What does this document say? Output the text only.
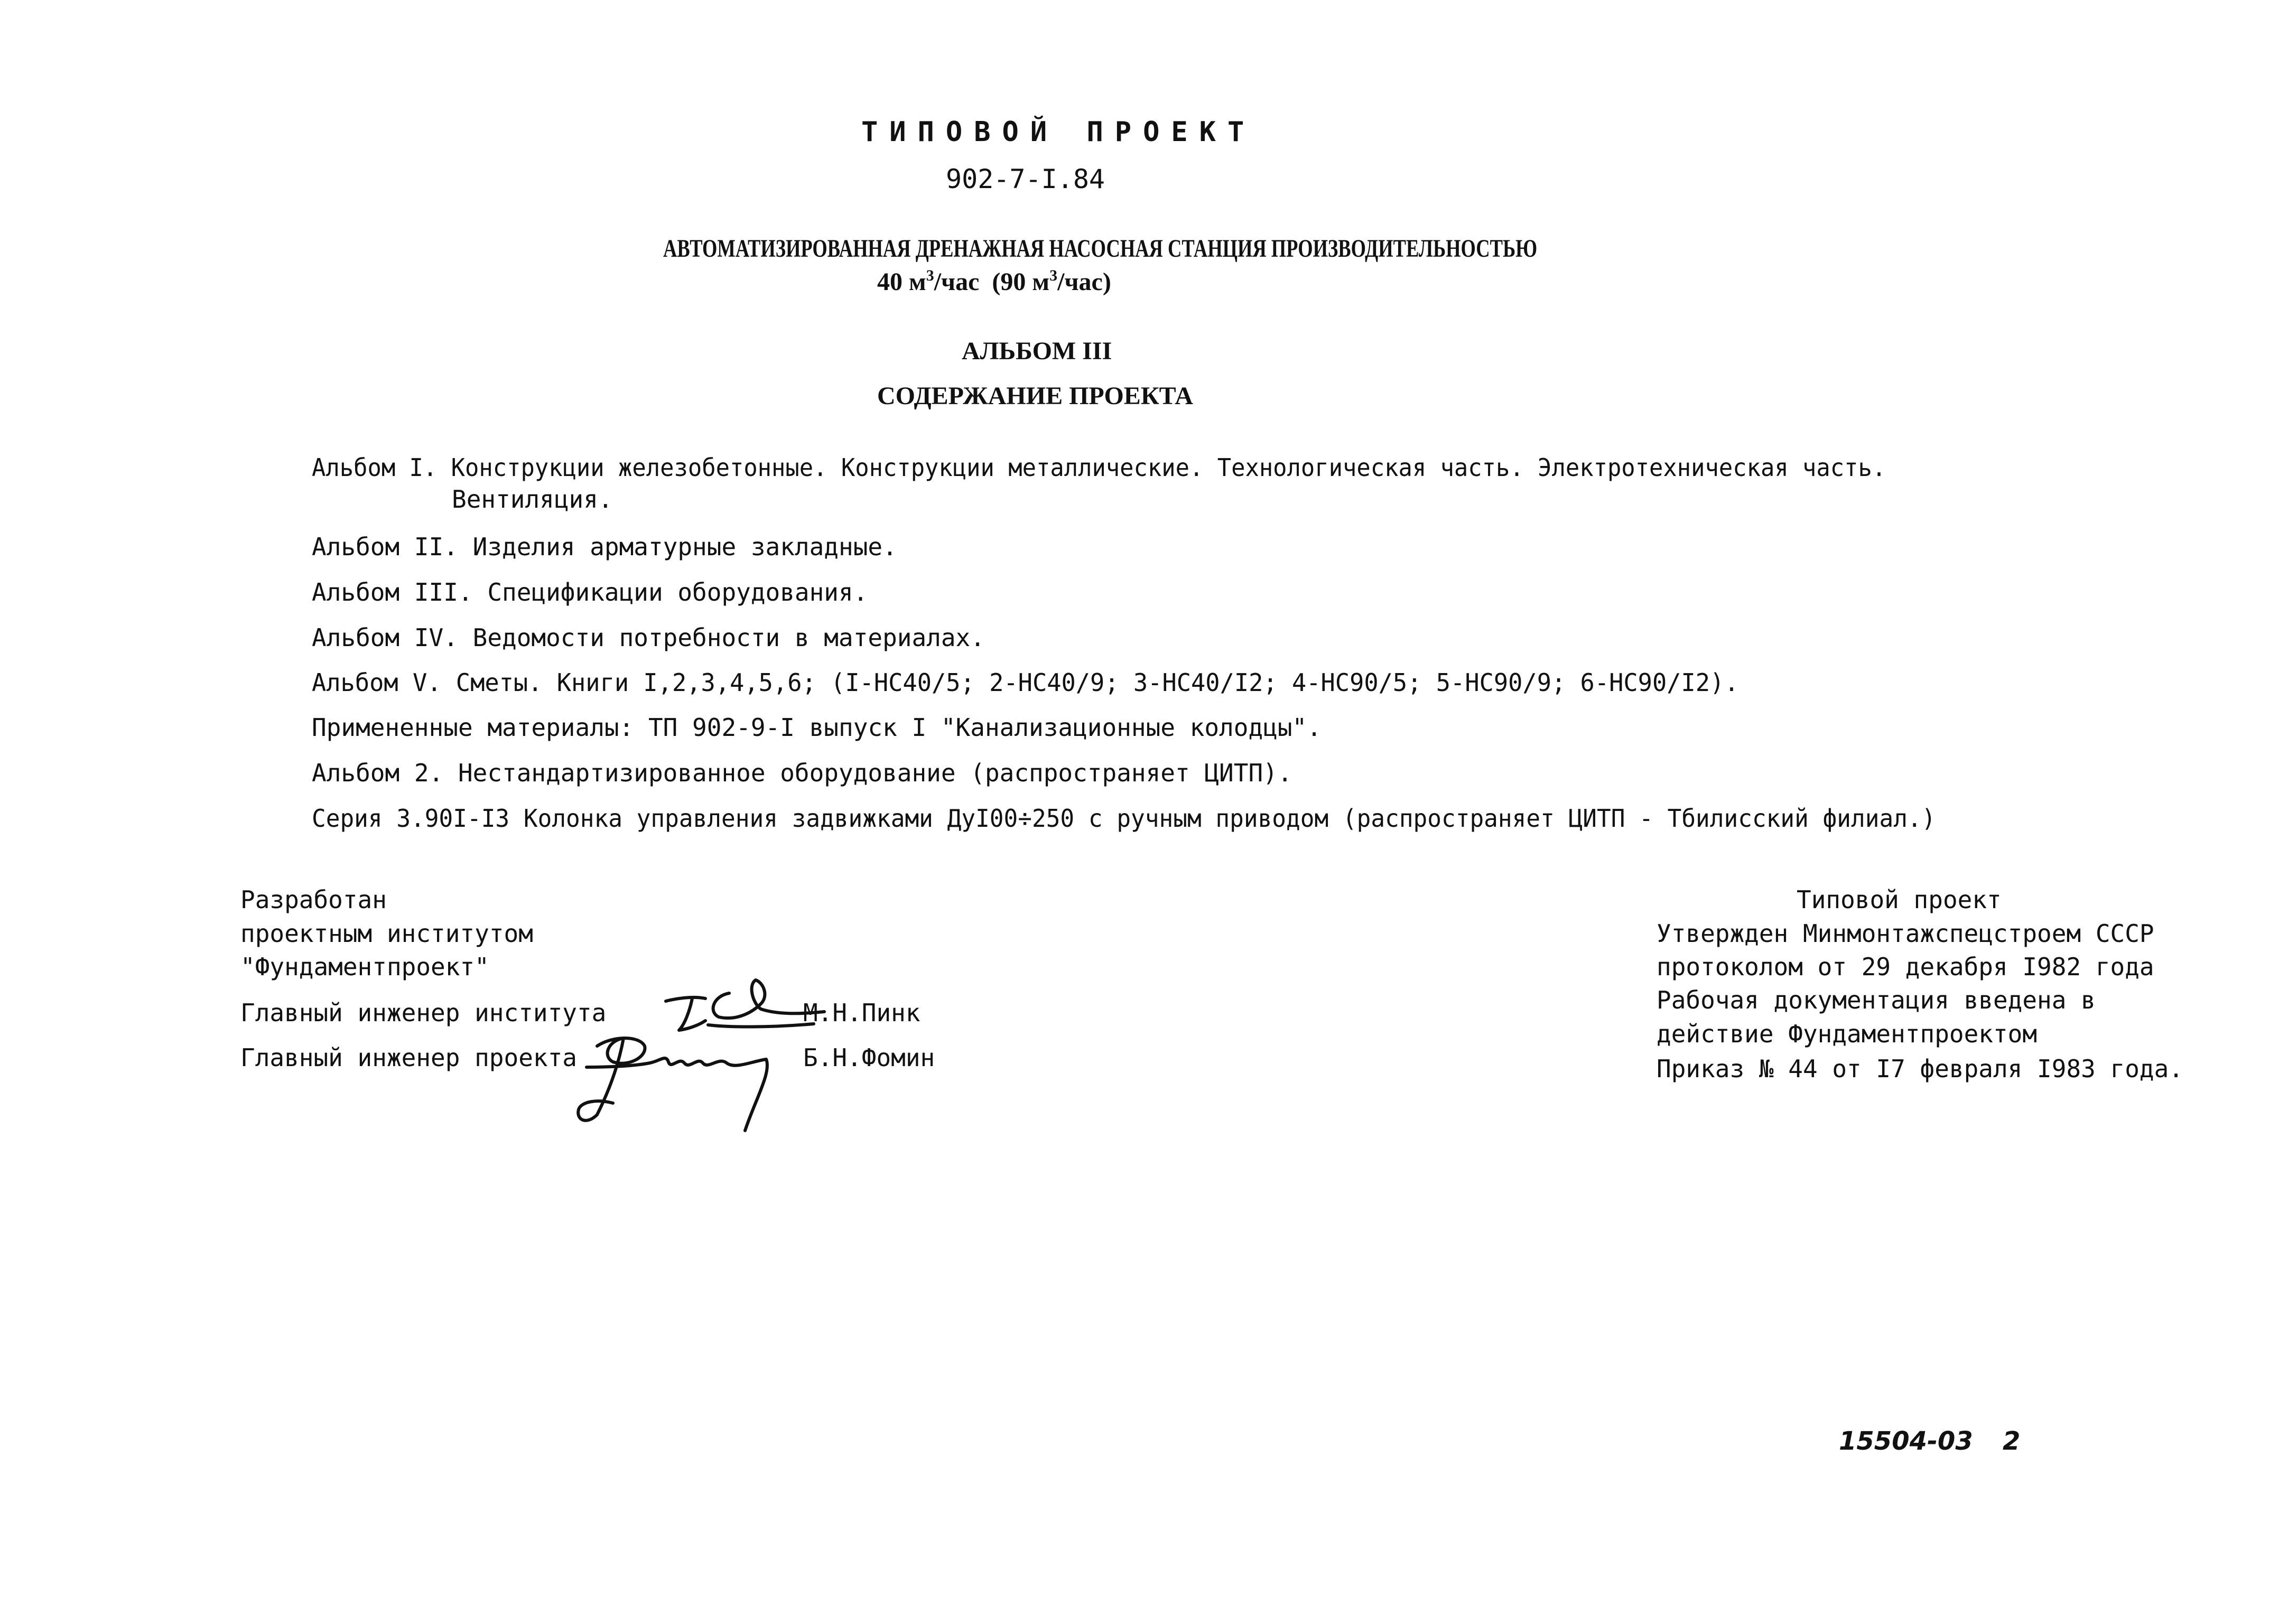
ТИПОВОЙ ПРОЕКТ
902-7-I.84
АВТОМАТИЗИРОВАННАЯ ДРЕНАЖНАЯ НАСОСНАЯ СТАНЦИЯ ПРОИЗВОДИТЕЛЬНОСТЬЮ
40 $м^3$/час (90 $м^3/час$)
АЛЬБОМ III
СОДЕРЖАНИЕ ПРОЕКТА
Альбом I. Конструкции железобетонные. Конструкции металлические. Технологическая часть. Электротехническая часть.
Вентиляция.
Альбом II. Изделия арматурные закладные.
Альбом III. Спецификации оборудования.
Альбом IV. Ведомости потребности в материалах.
Альбом V. Сметы. Книги I,2,3,4,5,6; (I-НС40/5; 2-НС40/9; 3-НС40/I2; 4-НС90/5; 5-НС90/9; 6-НС90/I2).
Примененные материалы: ТП 902-9-I выпуск I "Канализационные колодцы".
Альбом 2. Нестандартизированное оборудование (распространяет ЦИТП).
Серия 3.90I-I3 Колонка управления задвижками ДуI00÷250 с ручным приводом (распространяет ЦИТП - Тбилисский филиал.)
Разработан
проектным институтом
"Фундаментпроект"
Главный инженер института	М.Н.Пинк
Главный инженер проекта	Б.Н.Фомин
Типовой проект
Утвержден Минмонтажспецстроем СССР
протоколом от 29 декабря I982 года
Рабочая документация введена в
действие Фундаментпроектом
Приказ № 44 от I7 февраля I983 года.
15504-03 2
